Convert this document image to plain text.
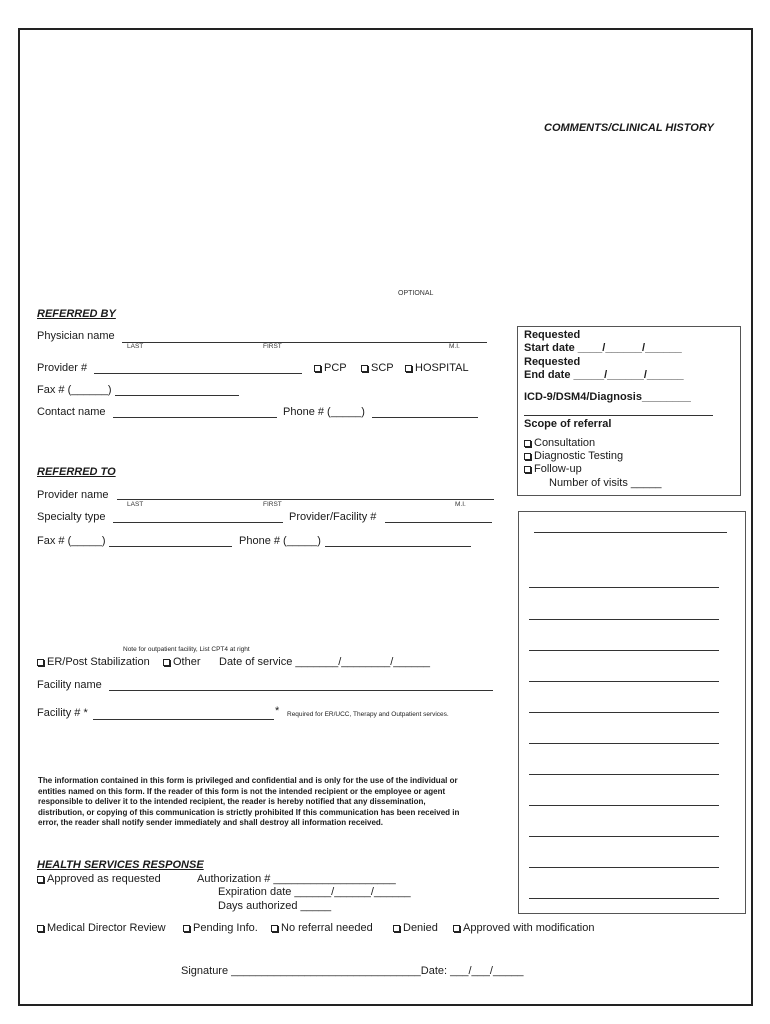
COMMENTS/CLINICAL HISTORY
OPTIONAL
REFERRED BY
Physician name
LAST	FIRST	M.I.
Provider #	PCP	SCP	HOSPITAL
Fax # (______)
Contact name	Phone # (_____)
REFERRED TO
Provider name
LAST	FIRST	M.I.
Specialty type	Provider/Facility #
Fax # (_____)	Phone # (_____)
Requested
Start date ____/______/______
Requested
End date _____/______/______
ICD-9/DSM4/Diagnosis________
Scope of referral
Consultation
Diagnostic Testing
Follow-up
Number of visits _____
Note for outpatient facility, List CPT4 at right
ER/Post Stabilization	Other Date of service _______/________/______
Facility name
Facility # *	* Required for ER/UCC, Therapy and Outpatient services.
The information contained in this form is privileged and confidential and is only for the use of the individual or
entities named on this form. If the reader of this form is not the intended recipient or the employee or agent
responsible to deliver it to the intended recipient, the reader is hereby notified that any dissemination,
distribution, or copying of this communication is strictly prohibited If this communication has been received in
error, the reader shall notify sender immediately and shall destroy all information received.
HEALTH SERVICES RESPONSE
Approved as requested	Authorization # ____________________
Expiration date ______/______/______
Days authorized _____
Medical Director Review	Pending Info.	No referral needed	Denied	Approved with modification
Signature _______________________________Date: ___/___/_____
